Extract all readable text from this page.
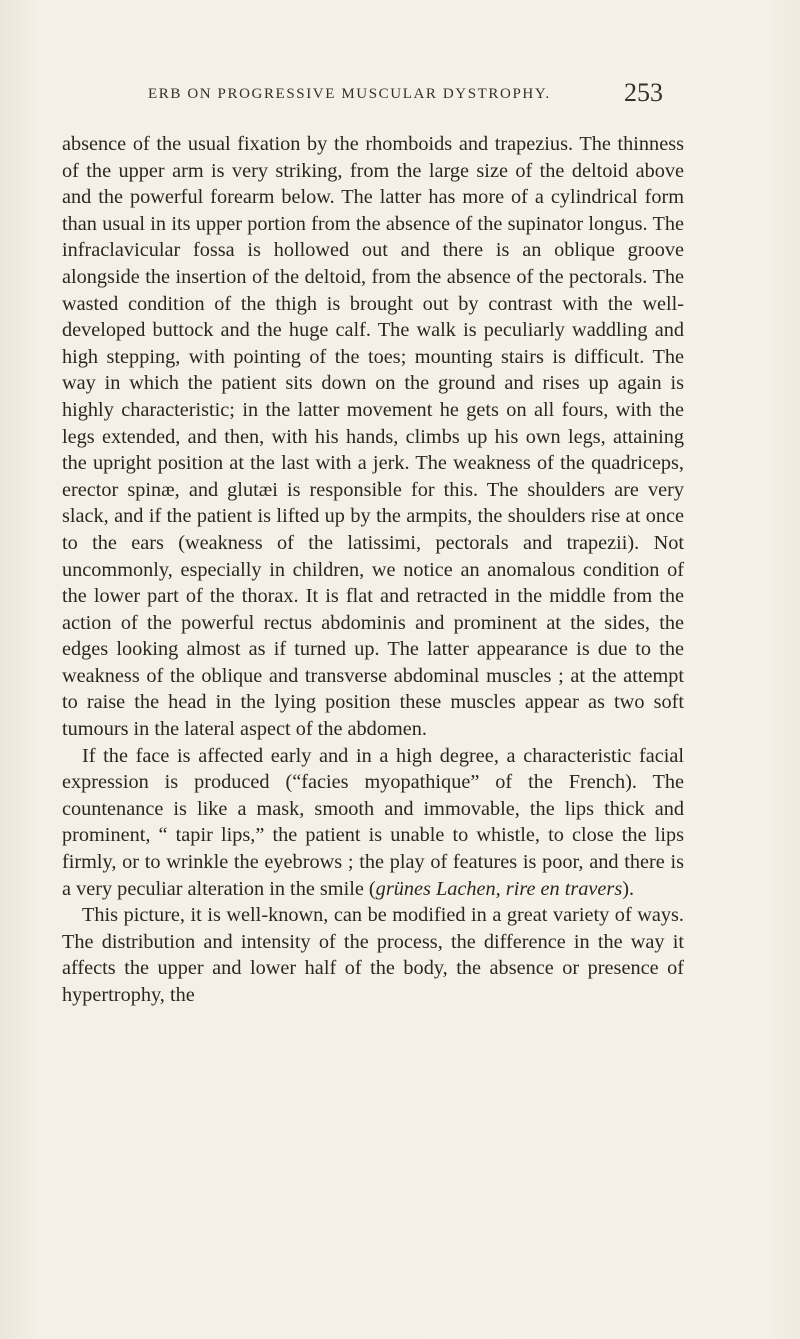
ERB ON PROGRESSIVE MUSCULAR DYSTROPHY.	253

absence of the usual fixation by the rhomboids and trapezius. The thinness of the upper arm is very striking, from the large size of the deltoid above and the powerful forearm below. The latter has more of a cylindrical form than usual in its upper portion from the absence of the supinator longus. The infraclavicular fossa is hollowed out and there is an oblique groove alongside the insertion of the deltoid, from the absence of the pectorals. The wasted condition of the thigh is brought out by contrast with the well-developed buttock and the huge calf. The walk is peculiarly waddling and high stepping, with pointing of the toes; mounting stairs is difficult. The way in which the patient sits down on the ground and rises up again is highly characteristic; in the latter movement he gets on all fours, with the legs extended, and then, with his hands, climbs up his own legs, attaining the upright position at the last with a jerk. The weakness of the quadriceps, erector spinæ, and glutæi is responsible for this. The shoulders are very slack, and if the patient is lifted up by the armpits, the shoulders rise at once to the ears (weakness of the latissimi, pectorals and trapezii). Not uncommonly, especially in children, we notice an anomalous condition of the lower part of the thorax. It is flat and retracted in the middle from the action of the powerful rectus abdominis and prominent at the sides, the edges looking almost as if turned up. The latter appearance is due to the weakness of the oblique and transverse abdominal muscles ; at the attempt to raise the head in the lying position these muscles appear as two soft tumours in the lateral aspect of the abdomen.

If the face is affected early and in a high degree, a characteristic facial expression is produced (“facies myopathique” of the French). The countenance is like a mask, smooth and immovable, the lips thick and prominent, “ tapir lips,” the patient is unable to whistle, to close the lips firmly, or to wrinkle the eyebrows ; the play of features is poor, and there is a very peculiar alteration in the smile (grünes Lachen, rire en travers).

This picture, it is well-known, can be modified in a great variety of ways. The distribution and intensity of the process, the difference in the way it affects the upper and lower half of the body, the absence or presence of hypertrophy, the
